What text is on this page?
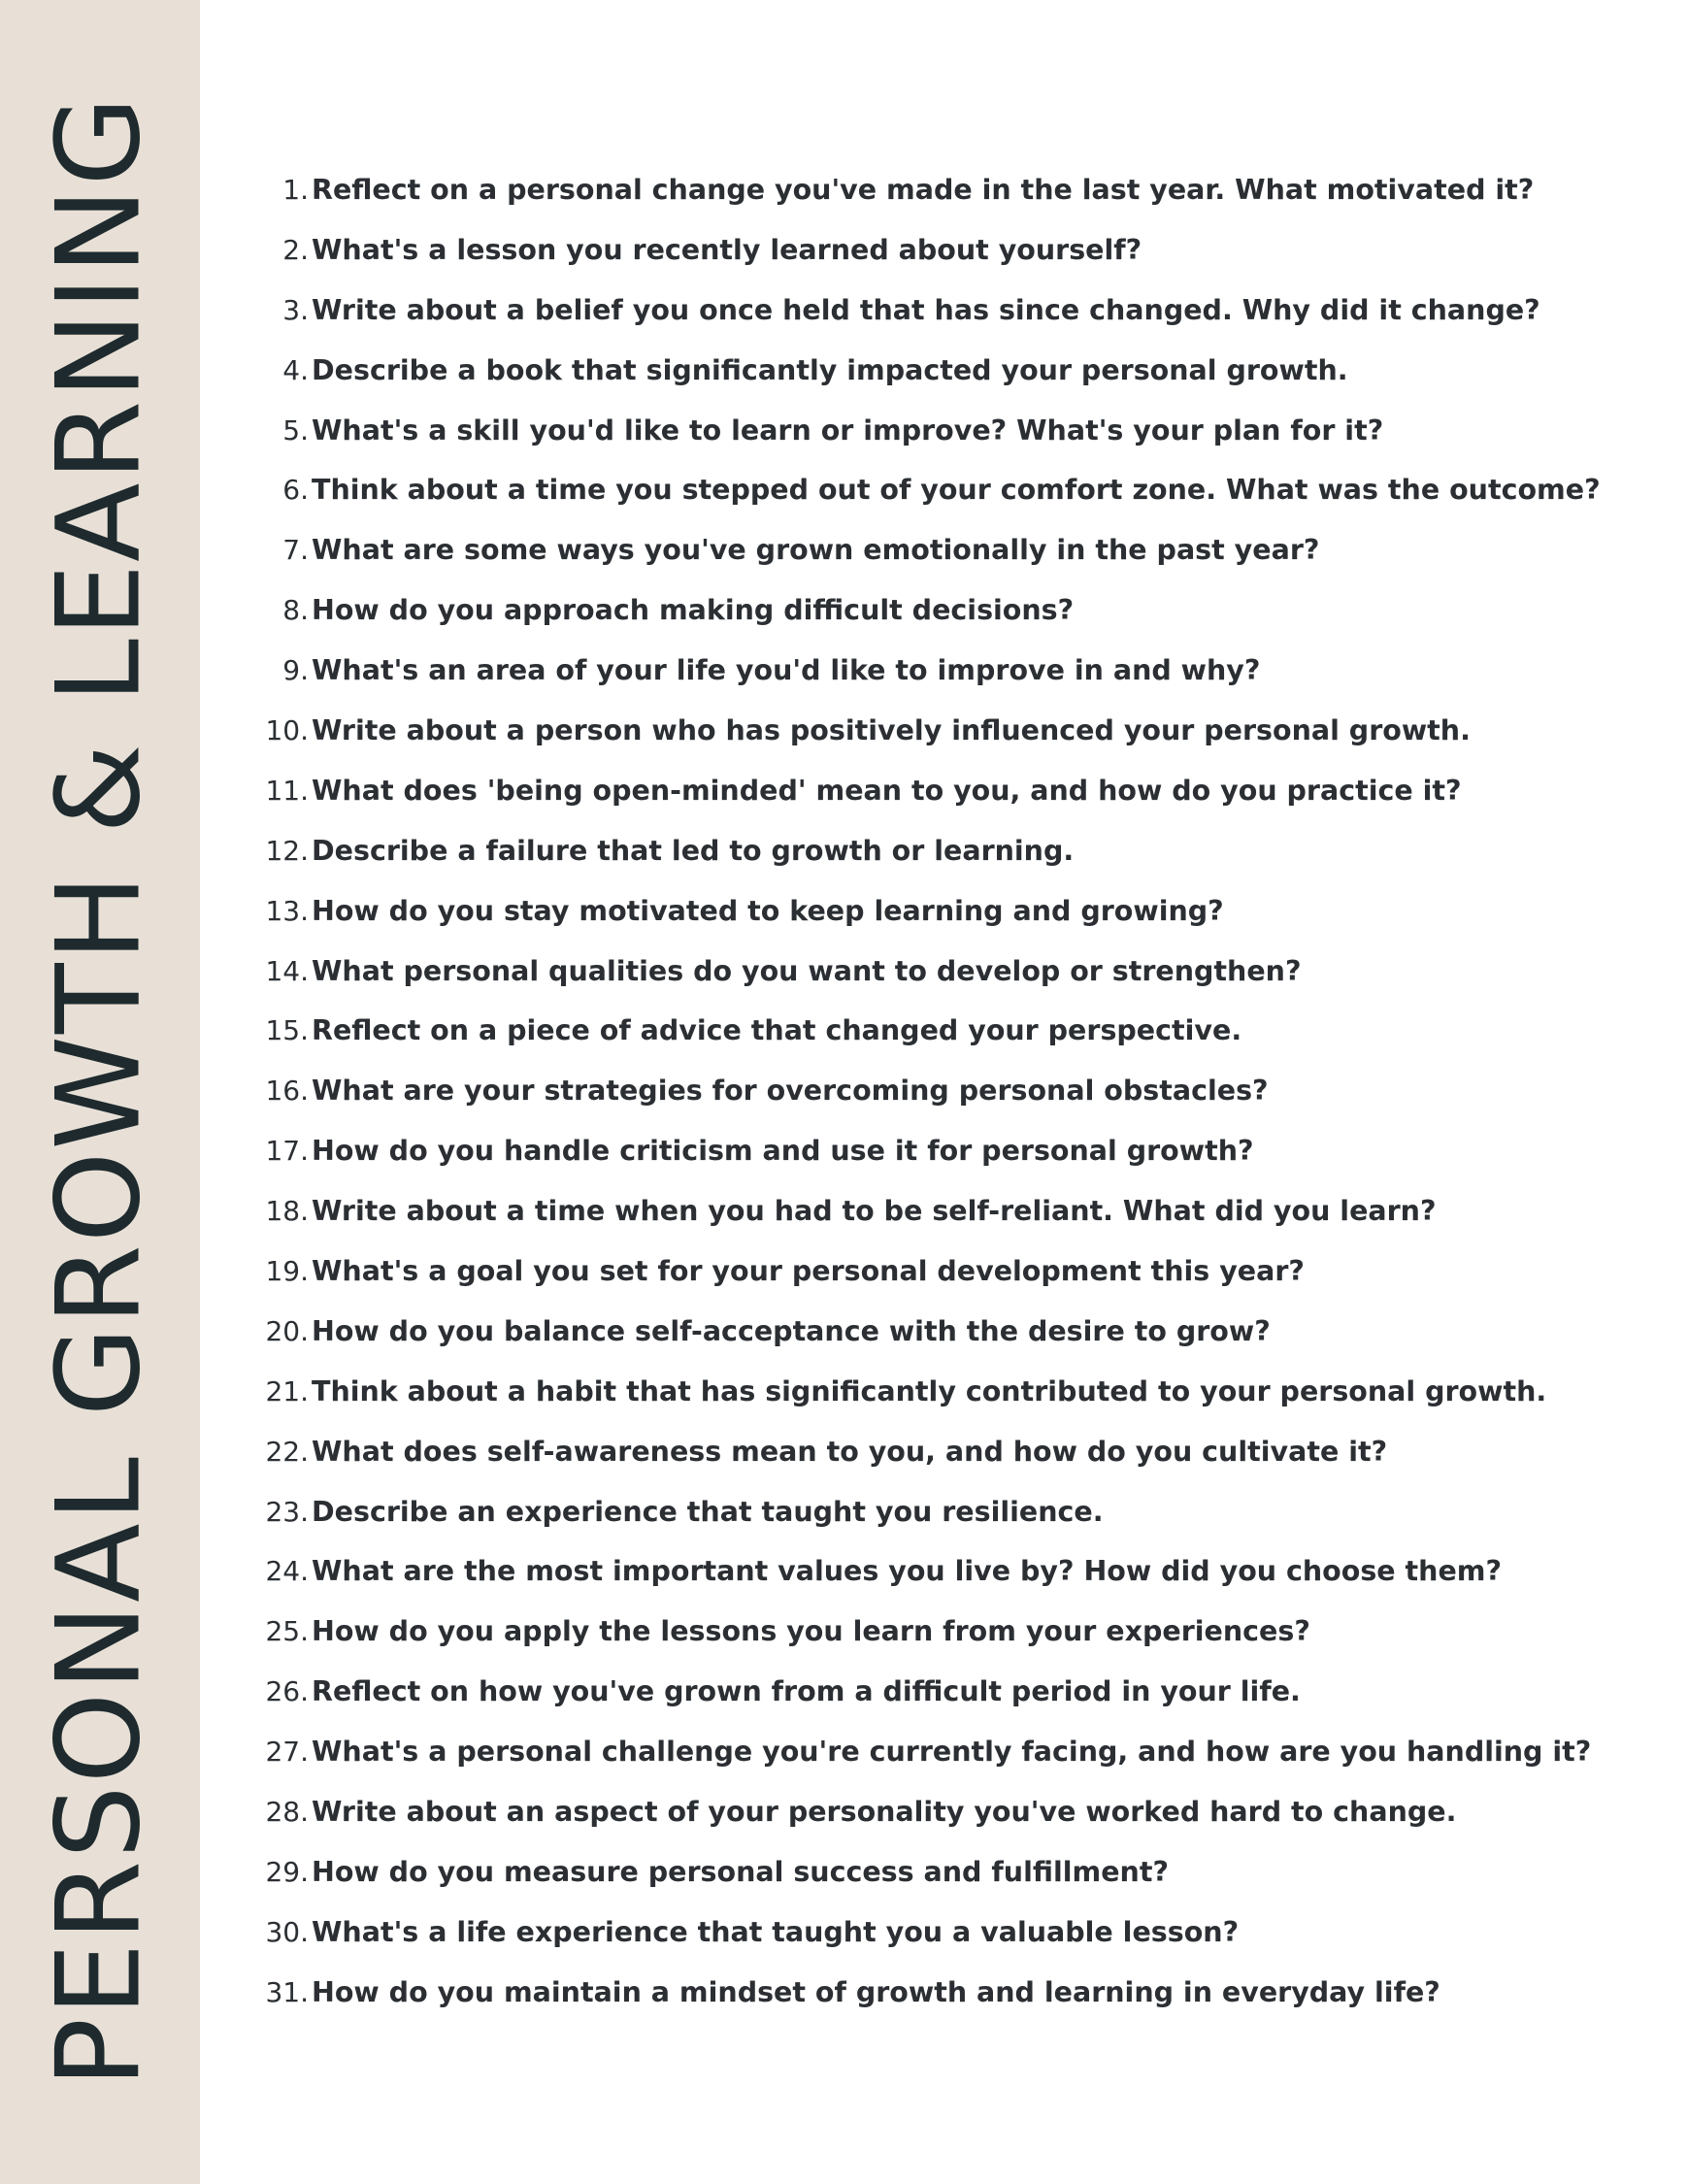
PERSONAL GROWTH & LEARNING	1. Reflect on a personal change you've made in the last year. What motivated it?
2. What's a lesson you recently learned about yourself?
3. Write about a belief you once held that has since changed. Why did it change?
4. Describe a book that significantly impacted your personal growth.
5. What's a skill you'd like to learn or improve? What's your plan for it?
6. Think about a time you stepped out of your comfort zone. What was the outcome?
7. What are some ways you've grown emotionally in the past year?
8. How do you approach making difficult decisions?
9. What's an area of your life you'd like to improve in and why?
10. Write about a person who has positively influenced your personal growth.
11. What does 'being open-minded' mean to you, and how do you practice it?
12. Describe a failure that led to growth or learning.
13. How do you stay motivated to keep learning and growing?
14. What personal qualities do you want to develop or strengthen?
15. Reflect on a piece of advice that changed your perspective.
16. What are your strategies for overcoming personal obstacles?
17. How do you handle criticism and use it for personal growth?
18. Write about a time when you had to be self-reliant. What did you learn?
19. What's a goal you set for your personal development this year?
20. How do you balance self-acceptance with the desire to grow?
21. Think about a habit that has significantly contributed to your personal growth.
22. What does self-awareness mean to you, and how do you cultivate it?
23. Describe an experience that taught you resilience.
24. What are the most important values you live by? How did you choose them?
25. How do you apply the lessons you learn from your experiences?
26. Reflect on how you've grown from a difficult period in your life.
27. What's a personal challenge you're currently facing, and how are you handling it?
28. Write about an aspect of your personality you've worked hard to change.
29. How do you measure personal success and fulfillment?
30. What's a life experience that taught you a valuable lesson?
31. How do you maintain a mindset of growth and learning in everyday life?
